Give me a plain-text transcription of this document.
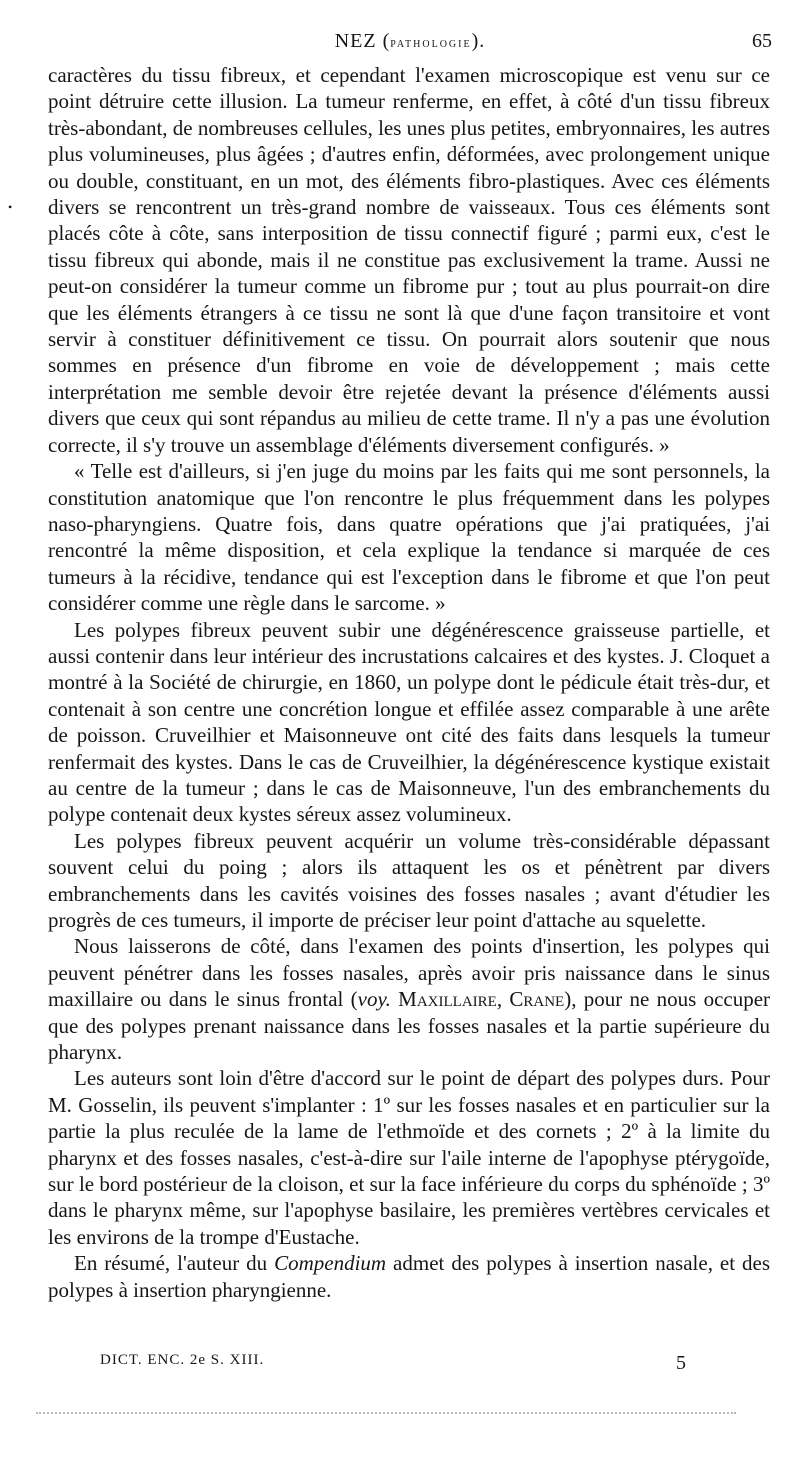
NEZ (pathologie).	65
•

caractères du tissu fibreux, et cependant l'examen microscopique est venu sur ce point détruire cette illusion. La tumeur renferme, en effet, à côté d'un tissu fibreux très-abondant, de nombreuses cellules, les unes plus petites, embryonnaires, les autres plus volumineuses, plus âgées ; d'autres enfin, déformées, avec prolongement unique ou double, constituant, en un mot, des éléments fibro-plastiques. Avec ces éléments divers se rencontrent un très-grand nombre de vaisseaux. Tous ces éléments sont placés côte à côte, sans interposition de tissu connectif figuré ; parmi eux, c'est le tissu fibreux qui abonde, mais il ne constitue pas exclusivement la trame. Aussi ne peut-on considérer la tumeur comme un fibrome pur ; tout au plus pourrait-on dire que les éléments étrangers à ce tissu ne sont là que d'une façon transitoire et vont servir à constituer définitivement ce tissu. On pourrait alors soutenir que nous sommes en présence d'un fibrome en voie de développement ; mais cette interprétation me semble devoir être rejetée devant la présence d'éléments aussi divers que ceux qui sont répandus au milieu de cette trame. Il n'y a pas une évolution correcte, il s'y trouve un assemblage d'éléments diversement configurés. »

« Telle est d'ailleurs, si j'en juge du moins par les faits qui me sont personnels, la constitution anatomique que l'on rencontre le plus fréquemment dans les polypes naso-pharyngiens. Quatre fois, dans quatre opérations que j'ai pratiquées, j'ai rencontré la même disposition, et cela explique la tendance si marquée de ces tumeurs à la récidive, tendance qui est l'exception dans le fibrome et que l'on peut considérer comme une règle dans le sarcome. »

Les polypes fibreux peuvent subir une dégénérescence graisseuse partielle, et aussi contenir dans leur intérieur des incrustations calcaires et des kystes. J. Cloquet a montré à la Société de chirurgie, en 1860, un polype dont le pédicule était très-dur, et contenait à son centre une concrétion longue et effilée assez comparable à une arête de poisson. Cruveilhier et Maisonneuve ont cité des faits dans lesquels la tumeur renfermait des kystes. Dans le cas de Cruveilhier, la dégénérescence kystique existait au centre de la tumeur ; dans le cas de Maisonneuve, l'un des embranchements du polype contenait deux kystes séreux assez volumineux.

Les polypes fibreux peuvent acquérir un volume très-considérable dépassant souvent celui du poing ; alors ils attaquent les os et pénètrent par divers embranchements dans les cavités voisines des fosses nasales ; avant d'étudier les progrès de ces tumeurs, il importe de préciser leur point d'attache au squelette.

Nous laisserons de côté, dans l'examen des points d'insertion, les polypes qui peuvent pénétrer dans les fosses nasales, après avoir pris naissance dans le sinus maxillaire ou dans le sinus frontal (voy. Maxillaire, Crane), pour ne nous occuper que des polypes prenant naissance dans les fosses nasales et la partie supérieure du pharynx.

Les auteurs sont loin d'être d'accord sur le point de départ des polypes durs. Pour M. Gosselin, ils peuvent s'implanter : 1º sur les fosses nasales et en particulier sur la partie la plus reculée de la lame de l'ethmoïde et des cornets ; 2º à la limite du pharynx et des fosses nasales, c'est-à-dire sur l'aile interne de l'apophyse ptérygoïde, sur le bord postérieur de la cloison, et sur la face inférieure du corps du sphénoïde ; 3º dans le pharynx même, sur l'apophyse basilaire, les premières vertèbres cervicales et les environs de la trompe d'Eustache.

En résumé, l'auteur du Compendium admet des polypes à insertion nasale, et des polypes à insertion pharyngienne.

DICT. ENC. 2e S. XIII.	5
